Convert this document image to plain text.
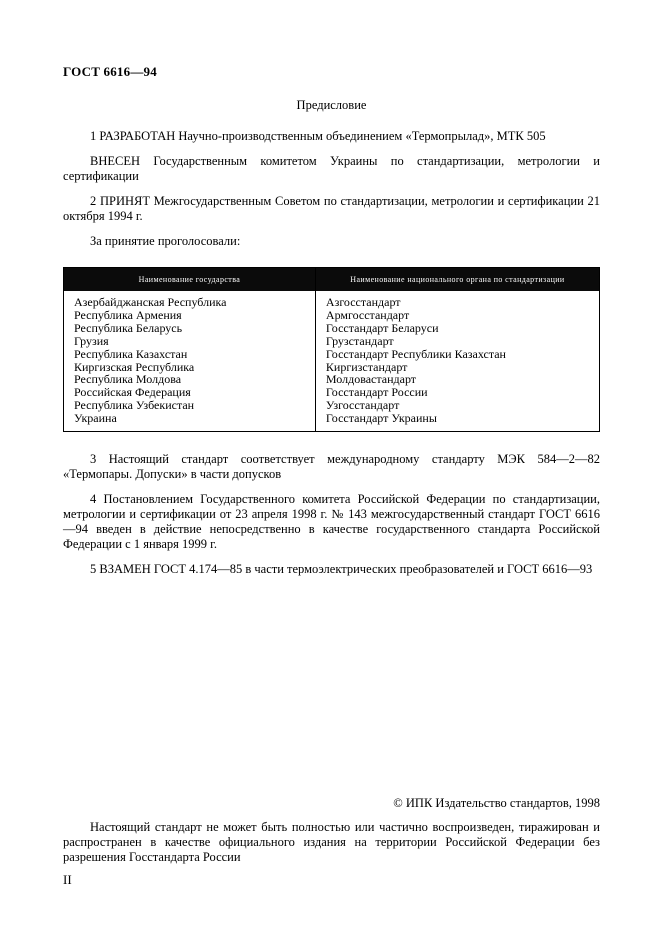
ГОСТ 6616—94
Предисловие

1 РАЗРАБОТАН Научно-производственным объединением «Термопрылад», МТК 505

ВНЕСЕН Государственным комитетом Украины по стандартизации, метрологии и сертификации

2 ПРИНЯТ Межгосударственным Советом по стандартизации, метрологии и сертификации 21 октября 1994 г.

За принятие проголосовали:

Наименование государства	Наименование национального органа по стандартизации
Азербайджанская Республика	Азгосстандарт
Республика Армения	Армгосстандарт
Республика Беларусь	Госстандарт Беларуси
Грузия	Грузстандарт
Республика Казахстан	Госстандарт Республики Казахстан
Киргизская Республика	Киргизстандарт
Республика Молдова	Молдовастандарт
Российская Федерация	Госстандарт России
Республика Узбекистан	Узгосстандарт
Украина	Госстандарт Украины

3 Настоящий стандарт соответствует международному стандарту МЭК 584—2—82 «Термопары. Допуски» в части допусков

4 Постановлением Государственного комитета Российской Федерации по стандартизации, метрологии и сертификации от 23 апреля 1998 г. № 143 межгосударственный стандарт ГОСТ 6616—94 введен в действие непосредственно в качестве государственного стандарта Российской Федерации с 1 января 1999 г.

5 ВЗАМЕН ГОСТ 4.174—85 в части термоэлектрических преобразователей и ГОСТ 6616—93

© ИПК Издательство стандартов, 1998

Настоящий стандарт не может быть полностью или частично воспроизведен, тиражирован и распространен в качестве официального издания на территории Российской Федерации без разрешения Госстандарта России

II
